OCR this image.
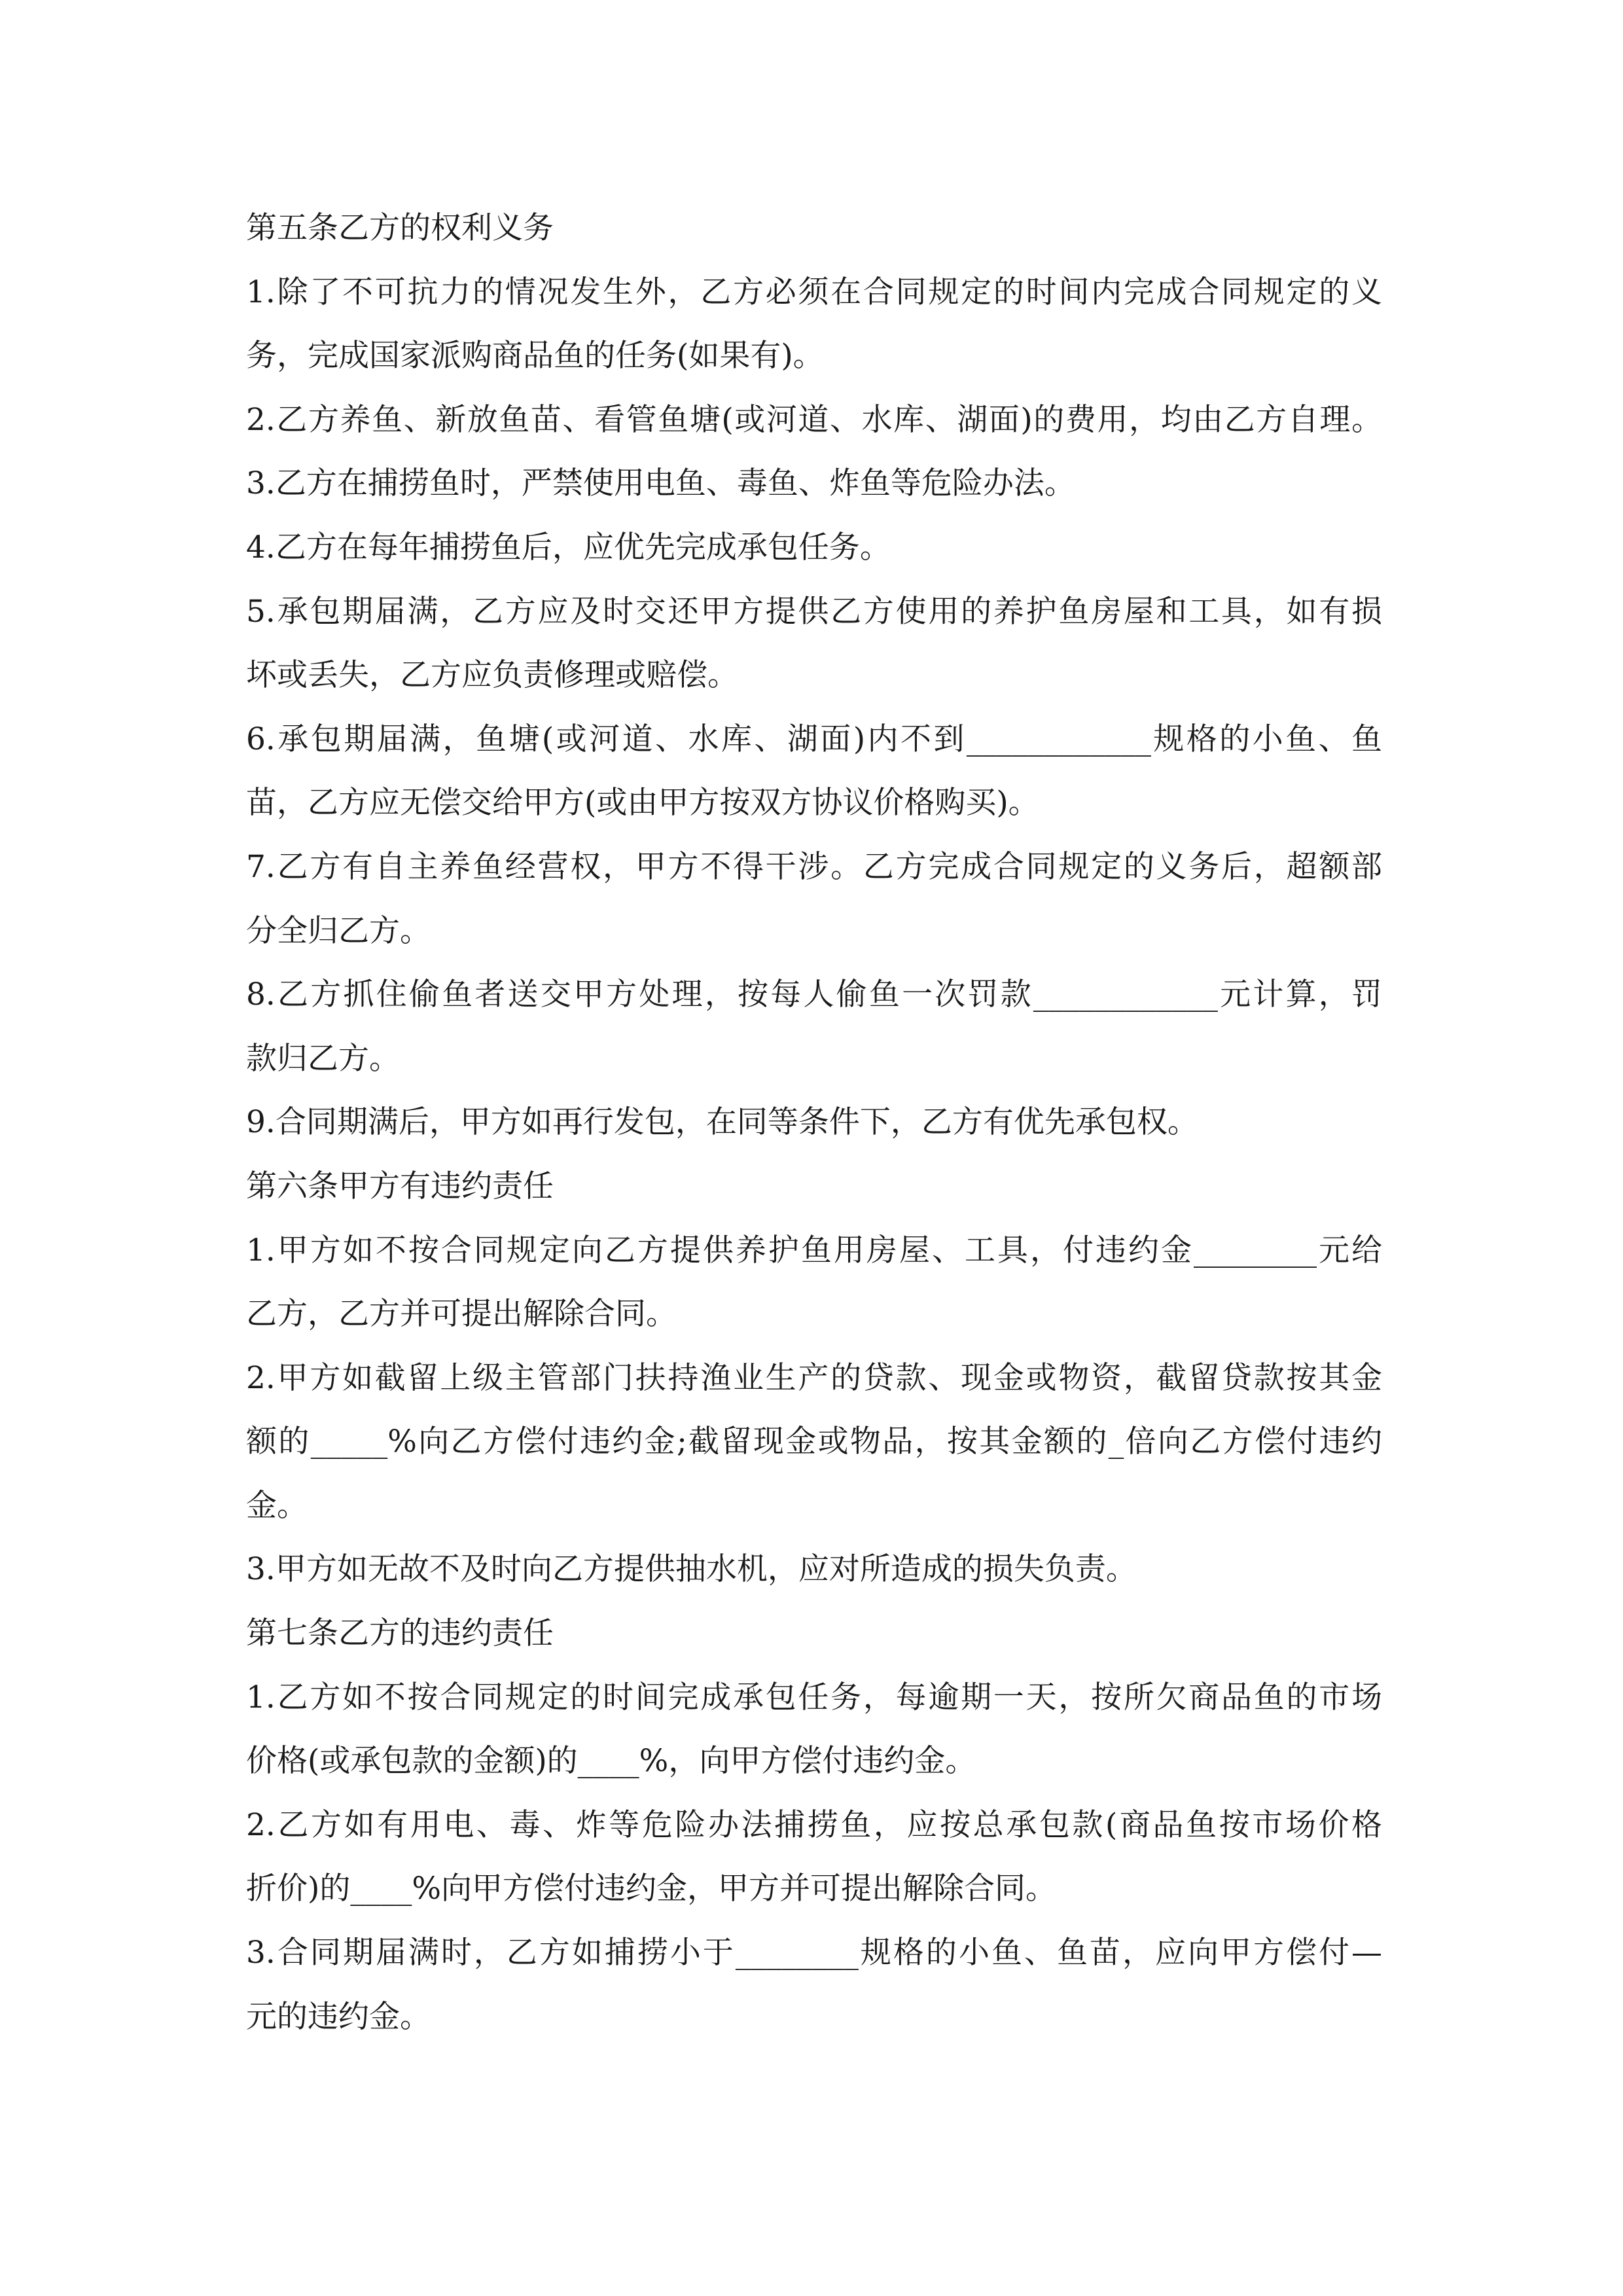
第五条乙方的权利义务
1.除了不可抗力的情况发生外，乙方必须在合同规定的时间内完成合同规定的义
务，完成国家派购商品鱼的任务(如果有)。
2.乙方养鱼、新放鱼苗、看管鱼塘(或河道、水库、湖面)的费用，均由乙方自理。
3.乙方在捕捞鱼时，严禁使用电鱼、毒鱼、炸鱼等危险办法。
4.乙方在每年捕捞鱼后，应优先完成承包任务。
5.承包期届满，乙方应及时交还甲方提供乙方使用的养护鱼房屋和工具，如有损
坏或丢失，乙方应负责修理或赔偿。
6.承包期届满，鱼塘(或河道、水库、湖面)内不到____________规格的小鱼、鱼
苗，乙方应无偿交给甲方(或由甲方按双方协议价格购买)。
7.乙方有自主养鱼经营权，甲方不得干涉。乙方完成合同规定的义务后，超额部
分全归乙方。
8.乙方抓住偷鱼者送交甲方处理，按每人偷鱼一次罚款____________元计算，罚
款归乙方。
9.合同期满后，甲方如再行发包，在同等条件下，乙方有优先承包权。
第六条甲方有违约责任
1.甲方如不按合同规定向乙方提供养护鱼用房屋、工具，付违约金________元给
乙方，乙方并可提出解除合同。
2.甲方如截留上级主管部门扶持渔业生产的贷款、现金或物资，截留贷款按其金
额的_____%向乙方偿付违约金;截留现金或物品，按其金额的_倍向乙方偿付违约
金。
3.甲方如无故不及时向乙方提供抽水机，应对所造成的损失负责。
第七条乙方的违约责任
1.乙方如不按合同规定的时间完成承包任务，每逾期一天，按所欠商品鱼的市场
价格(或承包款的金额)的____%，向甲方偿付违约金。
2.乙方如有用电、毒、炸等危险办法捕捞鱼，应按总承包款(商品鱼按市场价格
折价)的____%向甲方偿付违约金，甲方并可提出解除合同。
3.合同期届满时，乙方如捕捞小于________规格的小鱼、鱼苗，应向甲方偿付—
元的违约金。
